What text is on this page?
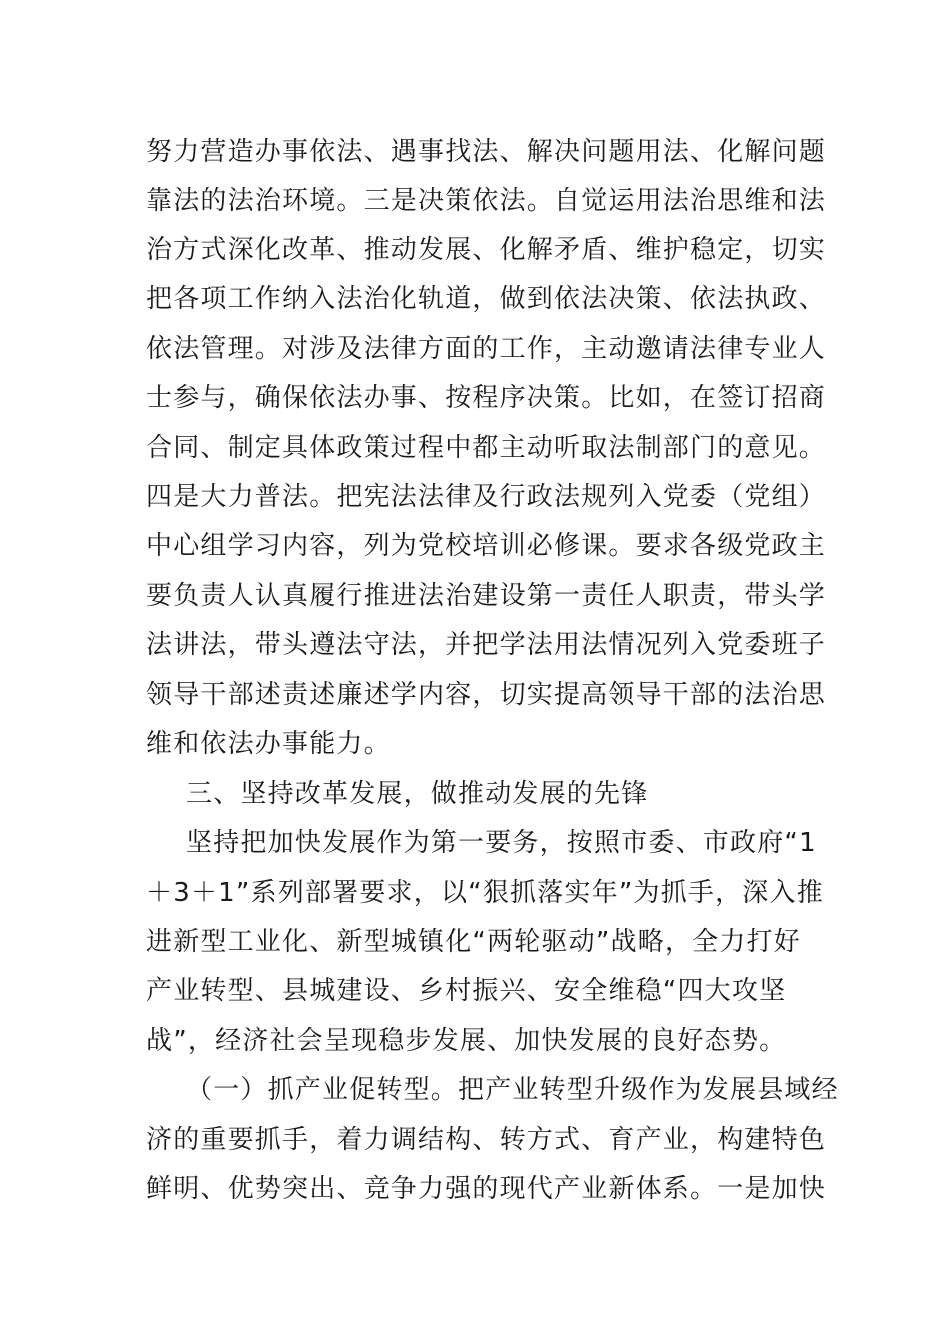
努力营造办事依法、遇事找法、解决问题用法、化解问题
靠法的法治环境。三是决策依法。自觉运用法治思维和法
治方式深化改革、推动发展、化解矛盾、维护稳定，切实
把各项工作纳入法治化轨道，做到依法决策、依法执政、
依法管理。对涉及法律方面的工作，主动邀请法律专业人
士参与，确保依法办事、按程序决策。比如，在签订招商
合同、制定具体政策过程中都主动听取法制部门的意见。
四是大力普法。把宪法法律及行政法规列入党委（党组）
中心组学习内容，列为党校培训必修课。要求各级党政主
要负责人认真履行推进法治建设第一责任人职责，带头学
法讲法，带头遵法守法，并把学法用法情况列入党委班子
领导干部述责述廉述学内容，切实提高领导干部的法治思
维和依法办事能力。
三、坚持改革发展，做推动发展的先锋
坚持把加快发展作为第一要务，按照市委、市政府“1
＋3＋1”系列部署要求，以“狠抓落实年”为抓手，深入推
进新型工业化、新型城镇化“两轮驱动”战略，全力打好
产业转型、县城建设、乡村振兴、安全维稳“四大攻坚
战”，经济社会呈现稳步发展、加快发展的良好态势。
（一）抓产业促转型。把产业转型升级作为发展县域经
济的重要抓手，着力调结构、转方式、育产业，构建特色
鲜明、优势突出、竞争力强的现代产业新体系。一是加快
